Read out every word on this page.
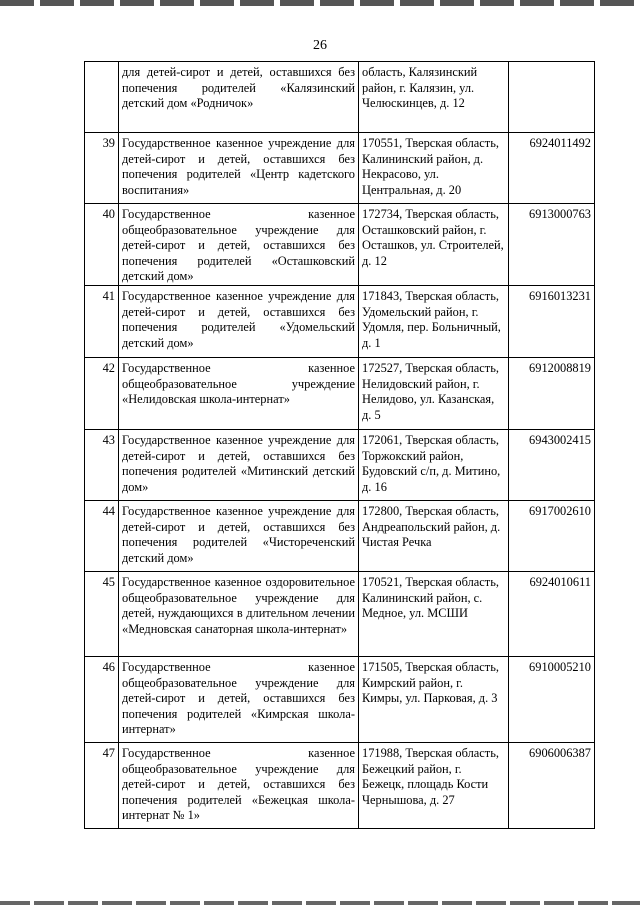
26
	для детей-сирот и детей, оставшихся без попечения родителей «Калязинский детский дом «Родничок»	область, Калязинский район, г. Калязин, ул. Челюскинцев, д. 12	
39	Государственное казенное учреждение для детей-сирот и детей, оставшихся без попечения родителей «Центр кадетского воспитания»	170551, Тверская область, Калининский район, д. Некрасово, ул. Центральная, д. 20	6924011492
40	Государственное казенное общеобразовательное учреждение для детей-сирот и детей, оставшихся без попечения родителей «Осташковский детский дом»	172734, Тверская область, Осташковский район, г. Осташков, ул. Строителей, д. 12	6913000763
41	Государственное казенное учреждение для детей-сирот и детей, оставшихся без попечения родителей «Удомельский детский дом»	171843, Тверская область, Удомельский район, г. Удомля, пер. Больничный, д. 1	6916013231
42	Государственное казенное общеобразовательное учреждение «Нелидовская школа-интернат»	172527, Тверская область, Нелидовский район, г. Нелидово, ул. Казанская, д. 5	6912008819
43	Государственное казенное учреждение для детей-сирот и детей, оставшихся без попечения родителей «Митинский детский дом»	172061, Тверская область, Торжокский район, Будовский с/п, д. Митино, д. 16	6943002415
44	Государственное казенное учреждение для детей-сирот и детей, оставшихся без попечения родителей «Чистореченский детский дом»	172800, Тверская область, Андреапольский район, д. Чистая Речка	6917002610
45	Государственное казенное оздоровительное общеобразовательное учреждение для детей, нуждающихся в длительном лечении «Медновская санаторная школа-интернат»	170521, Тверская область, Калининский район, с. Медное, ул. МСШИ	6924010611
46	Государственное казенное общеобразовательное учреждение для детей-сирот и детей, оставшихся без попечения родителей «Кимрская школа-интернат»	171505, Тверская область, Кимрский район, г. Кимры, ул. Парковая, д. 3	6910005210
47	Государственное казенное общеобразовательное учреждение для детей-сирот и детей, оставшихся без попечения родителей «Бежецкая школа-интернат № 1»	171988, Тверская область, Бежецкий район, г. Бежецк, площадь Кости Чернышова, д. 27	6906006387
